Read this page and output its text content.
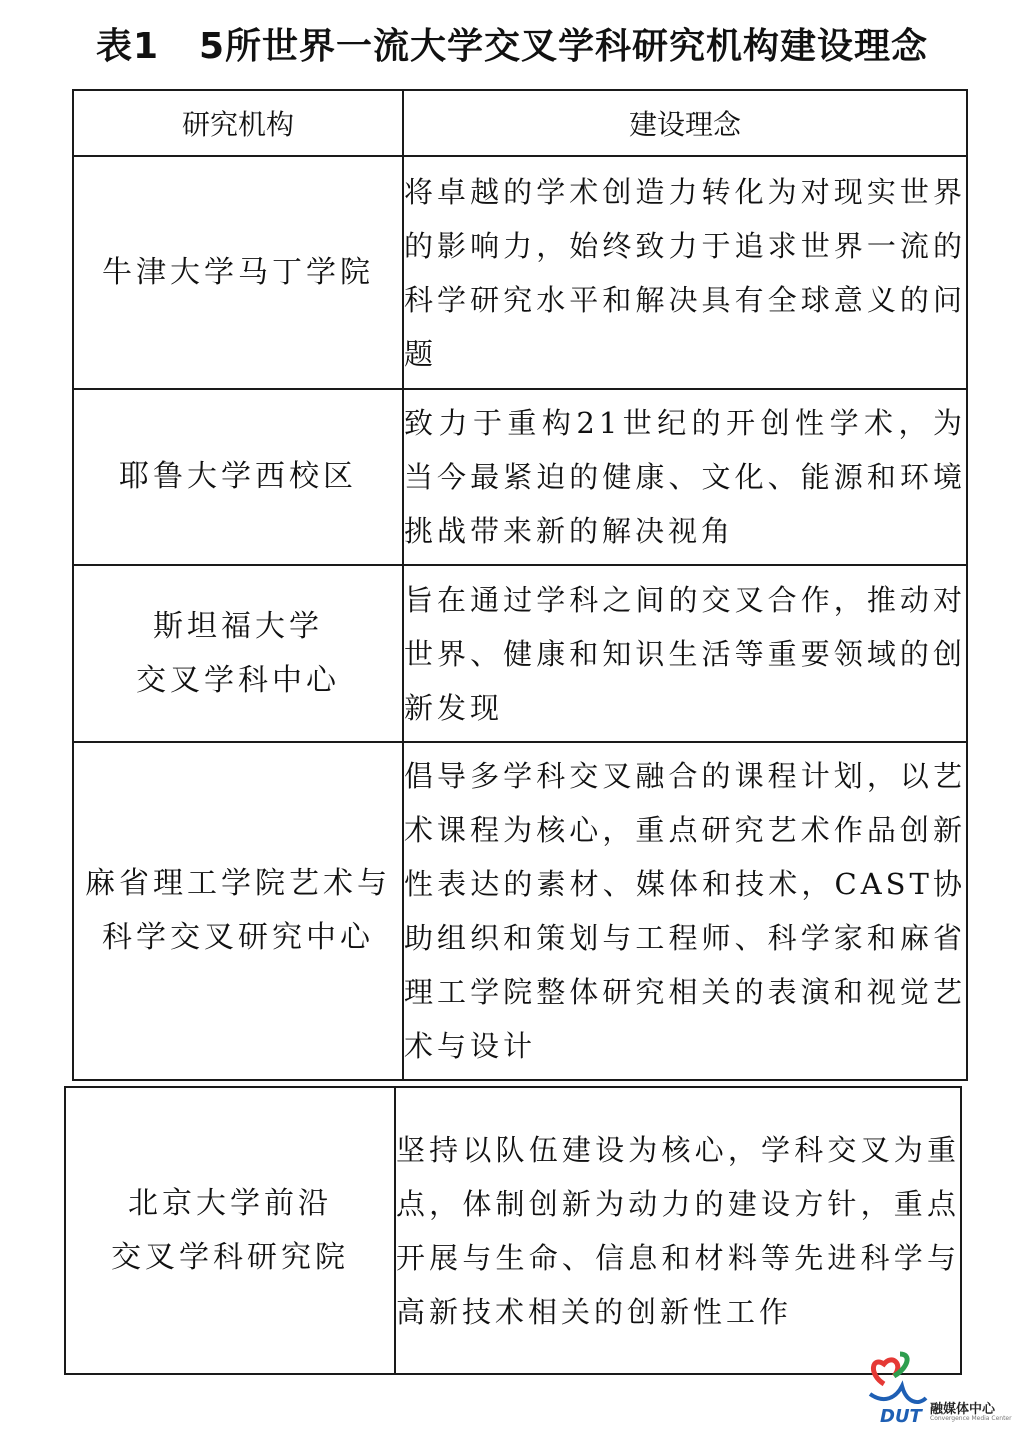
表1 5所世界一流大学交叉学科研究机构建设理念
研究机构	建设理念

牛津大学马丁学院	将卓越的学术创造力转化为对现实世界的影响力，始终致力于追求世界一流的科学研究水平和解决具有全球意义的问题

耶鲁大学西校区	致力于重构21世纪的开创性学术，为当今最紧迫的健康、文化、能源和环境挑战带来新的解决视角

斯坦福大学
交叉学科中心	旨在通过学科之间的交叉合作，推动对世界、健康和知识生活等重要领域的创新发现

麻省理工学院艺术与
科学交叉研究中心	倡导多学科交叉融合的课程计划，以艺术课程为核心，重点研究艺术作品创新性表达的素材、媒体和技术，CAST协助组织和策划与工程师、科学家和麻省理工学院整体研究相关的表演和视觉艺术与设计
北京大学前沿
交叉学科研究院
	坚持以队伍建设为核心，学科交叉为重点，体制创新为动力的建设方针，重点开展与生命、信息和材料等先进科学与高新技术相关的创新性工作
DUT 融媒体中心
Convergence Media Center
